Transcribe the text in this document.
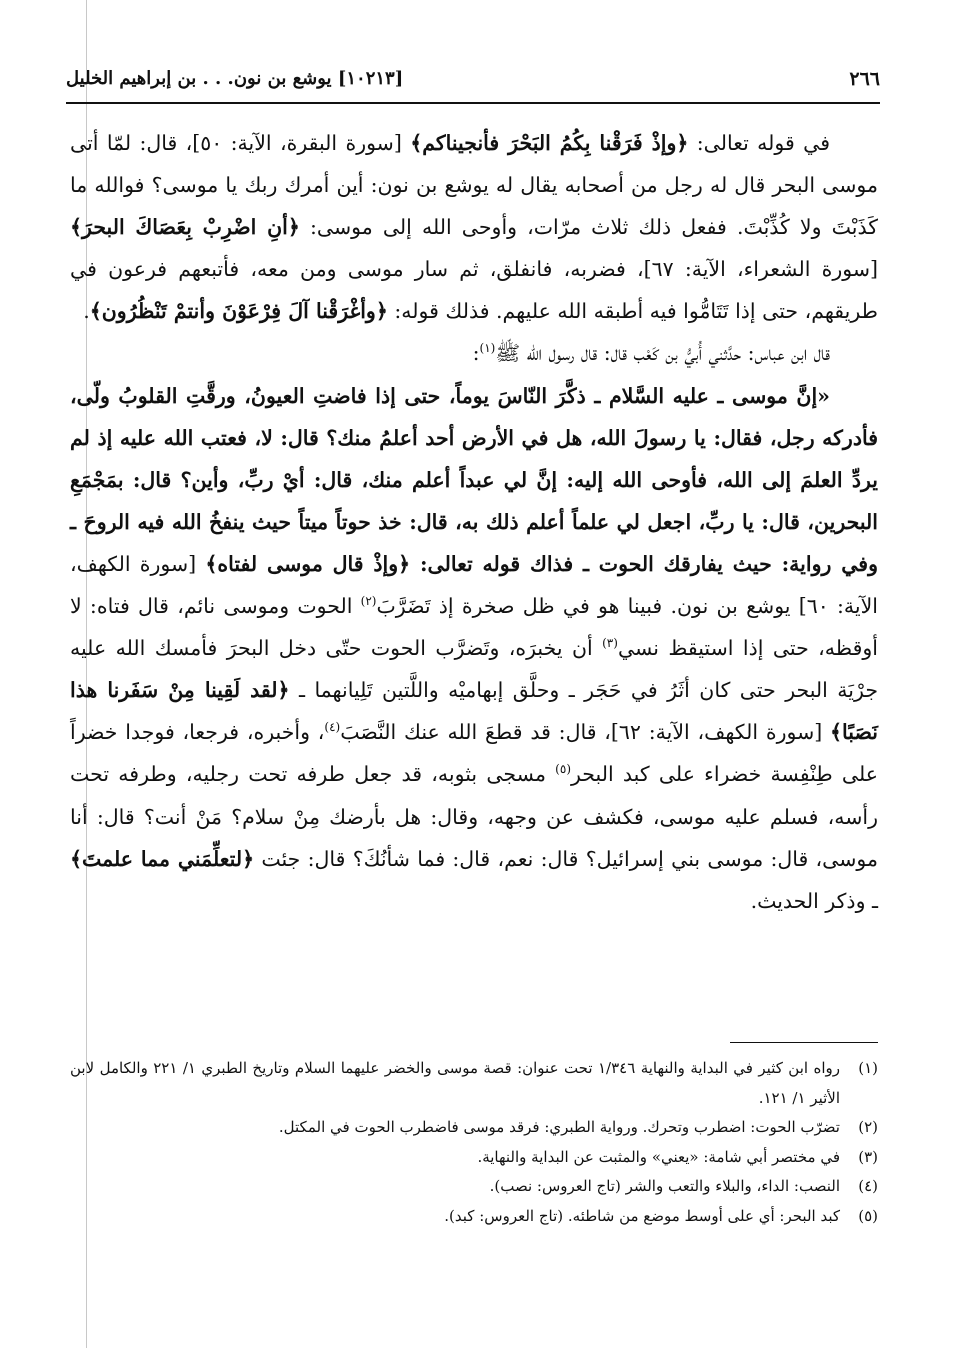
٢٦٦
[١٠٢١٣] يوشع بن نون. . . بن إبراهيم الخليل

في قوله تعالى: ﴿وإذْ فَرَقْنا بِكُمُ البَحْرَ فأنجيناكم﴾ [سورة البقرة، الآية: ٥٠]، قال: لمّا أتى موسى البحر قال له رجل من أصحابه يقال له يوشع بن نون: أين أمرك ربك يا موسى؟ فوالله ما كَذَبْتَ ولا كُذِّبْتَ. ففعل ذلك ثلاث مرّات، وأوحى الله إلى موسى: ﴿أنِ اضْرِبْ بِعَصَاكَ البحرَ﴾ [سورة الشعراء، الآية: ٦٧]، فضربه، فانفلق، ثم سار موسى ومن معه، فأتبعهم فرعون في طريقهم، حتى إذا تَتَامُّوا فيه أطبقه الله عليهم. فذلك قوله: ﴿وأغْرَقْنا آلَ فِرْعَوْنَ وأنتمْ تَنْظُرُون﴾.

قال ابن عباس: حدَّثني أُبيُّ بن كَعْب قال: قال رسول الله ﷺ$^{(١)}$:

«إنَّ موسى ـ عليه السَّلام ـ ذكَّرَ النّاسَ يوماً، حتى إذا فاضتِ العيونُ، ورقَّتِ القلوبُ ولّى، فأدركه رجل، فقال: يا رسولَ الله، هل في الأرض أحد أعلمُ منك؟ قال: لا، فعتب الله عليه إذ لم يردِّ العلمَ إلى الله، فأوحى الله إليه: إنَّ لي عبداً أعلم منك، قال: أيْ ربِّ، وأين؟ قال: بمَجْمَعِ البحرين، قال: يا ربِّ، اجعل لي علماً أعلم ذلك به، قال: خذ حوتاً ميتاً حيث ينفخُ الله فيه الروحَ ـ وفي رواية: حيث يفارقك الحوت ـ فذاك قوله تعالى: ﴿وإذْ قال موسى لفتاه﴾ [سورة الكهف، الآية: ٦٠] يوشع بن نون. فبينا هو في ظل صخرة إذ تَضَرَّبَ$^{(٢)}$ الحوت وموسى نائم، قال فتاه: لا أوقظه، حتى إذا استيقظ نسي$^{(٣)}$ أن يخبرَه، وتَضرَّب الحوت حتّى دخل البحرَ فأمسك الله عليه جرْيَة البحر حتى كان أثَرُ في حَجَر ـ وحلَّق إبهاميْه واللَّتين تَلِيانهما ـ ﴿لقد لَقِينا مِنْ سَفَرنا هذا نَصَبًا﴾ [سورة الكهف، الآية: ٦٢]، قال: قد قطعَ الله عنك النَّصَبَ$^{(٤)}$، وأخبره، فرجعا، فوجدا خضراً على طِنْفِسة خضراء على كبد البحر$^{(٥)}$ مسجى بثوبه، قد جعل طرفه تحت رجليه، وطرفه تحت رأسه، فسلم عليه موسى، فكشف عن وجهه، وقال: هل بأرضك مِنْ سلام؟ مَنْ أنت؟ قال: أنا موسى، قال: موسى بني إسرائيل؟ قال: نعم، قال: فما شأنُكَ؟ قال: جئت ﴿لتعلِّمَني مما علمتَ﴾ ـ وذكر الحديث.

(١)
رواه ابن كثير في البداية والنهاية ١/٣٤٦ تحت عنوان: قصة موسى والخضر عليهما السلام وتاريخ الطبري ١/ ٢٢١ والكامل لابن الأثير ١/ ١٢١.
(٢)
تضرّب الحوت: اضطرب وتحرك. ورواية الطبري: فرقد موسى فاضطرب الحوت في المكتل.
(٣)
في مختصر أبي شامة: «يعني» والمثبت عن البداية والنهاية.
(٤)
النصب: الداء، والبلاء والتعب والشر (تاج العروس: نصب).
(٥)
كبد البحر: أي على أوسط موضع من شاطئه. (تاج العروس: كبد).
